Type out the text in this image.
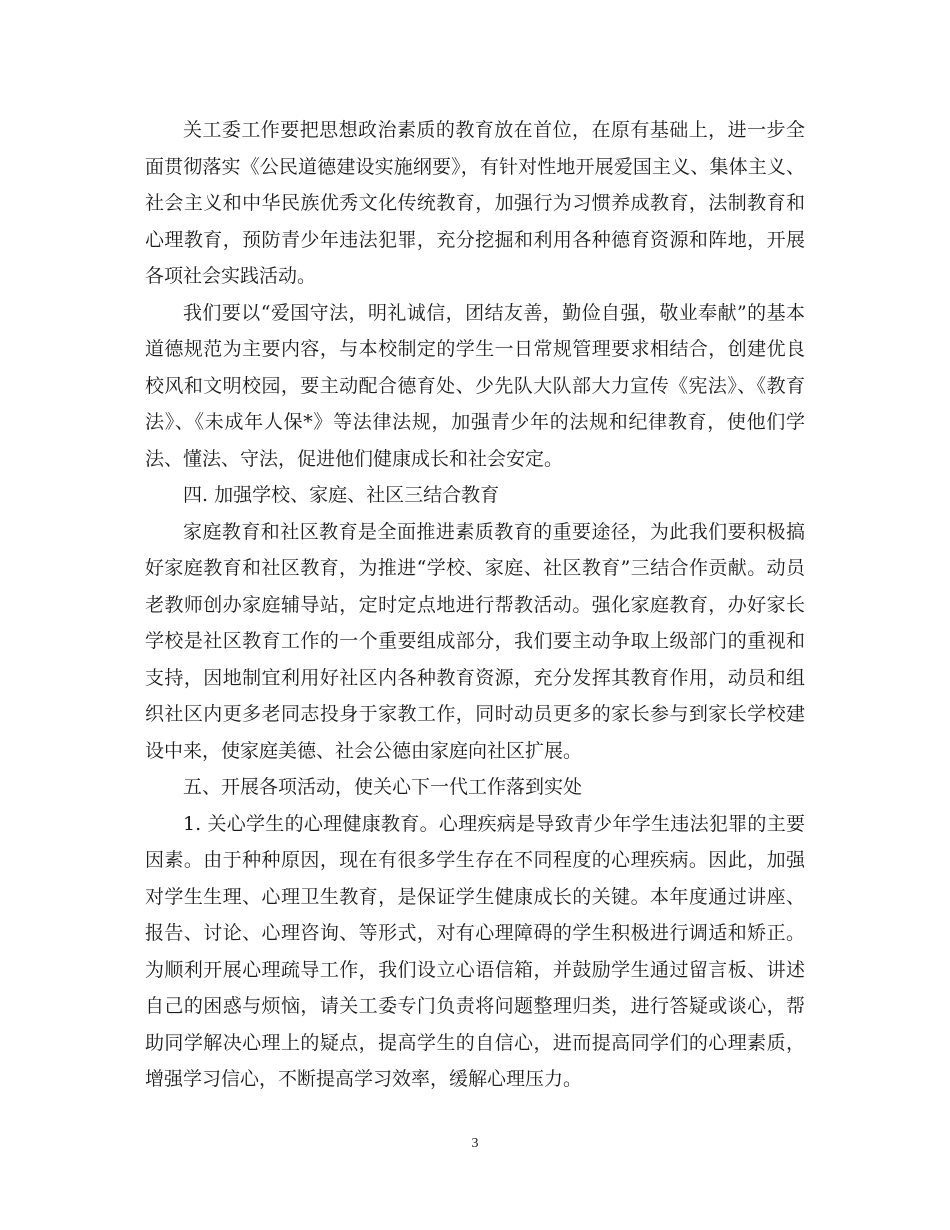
关工委工作要把思想政治素质的教育放在首位，在原有基础上，进一步全面贯彻落实《公民道德建设实施纲要》，有针对性地开展爱国主义、集体主义、社会主义和中华民族优秀文化传统教育，加强行为习惯养成教育，法制教育和心理教育，预防青少年违法犯罪，充分挖掘和利用各种德育资源和阵地，开展各项社会实践活动。

我们要以“爱国守法，明礼诚信，团结友善，勤俭自强，敬业奉献”的基本道德规范为主要内容，与本校制定的学生一日常规管理要求相结合，创建优良校风和文明校园，要主动配合德育处、少先队大队部大力宣传《宪法》、《教育法》、《未成年人保*》等法律法规，加强青少年的法规和纪律教育，使他们学法、懂法、守法，促进他们健康成长和社会安定。

四. 加强学校、家庭、社区三结合教育

家庭教育和社区教育是全面推进素质教育的重要途径，为此我们要积极搞好家庭教育和社区教育，为推进“学校、家庭、社区教育”三结合作贡献。动员老教师创办家庭辅导站，定时定点地进行帮教活动。强化家庭教育，办好家长学校是社区教育工作的一个重要组成部分，我们要主动争取上级部门的重视和支持，因地制宜利用好社区内各种教育资源，充分发挥其教育作用，动员和组织社区内更多老同志投身于家教工作，同时动员更多的家长参与到家长学校建设中来，使家庭美德、社会公德由家庭向社区扩展。

五、开展各项活动，使关心下一代工作落到实处

1. 关心学生的心理健康教育。心理疾病是导致青少年学生违法犯罪的主要因素。由于种种原因，现在有很多学生存在不同程度的心理疾病。因此，加强对学生生理、心理卫生教育，是保证学生健康成长的关键。本年度通过讲座、报告、讨论、心理咨询、等形式，对有心理障碍的学生积极进行调适和矫正。为顺利开展心理疏导工作，我们设立心语信箱，并鼓励学生通过留言板、讲述自己的困惑与烦恼，请关工委专门负责将问题整理归类，进行答疑或谈心，帮助同学解决心理上的疑点，提高学生的自信心，进而提高同学们的心理素质，增强学习信心，不断提高学习效率，缓解心理压力。

3
